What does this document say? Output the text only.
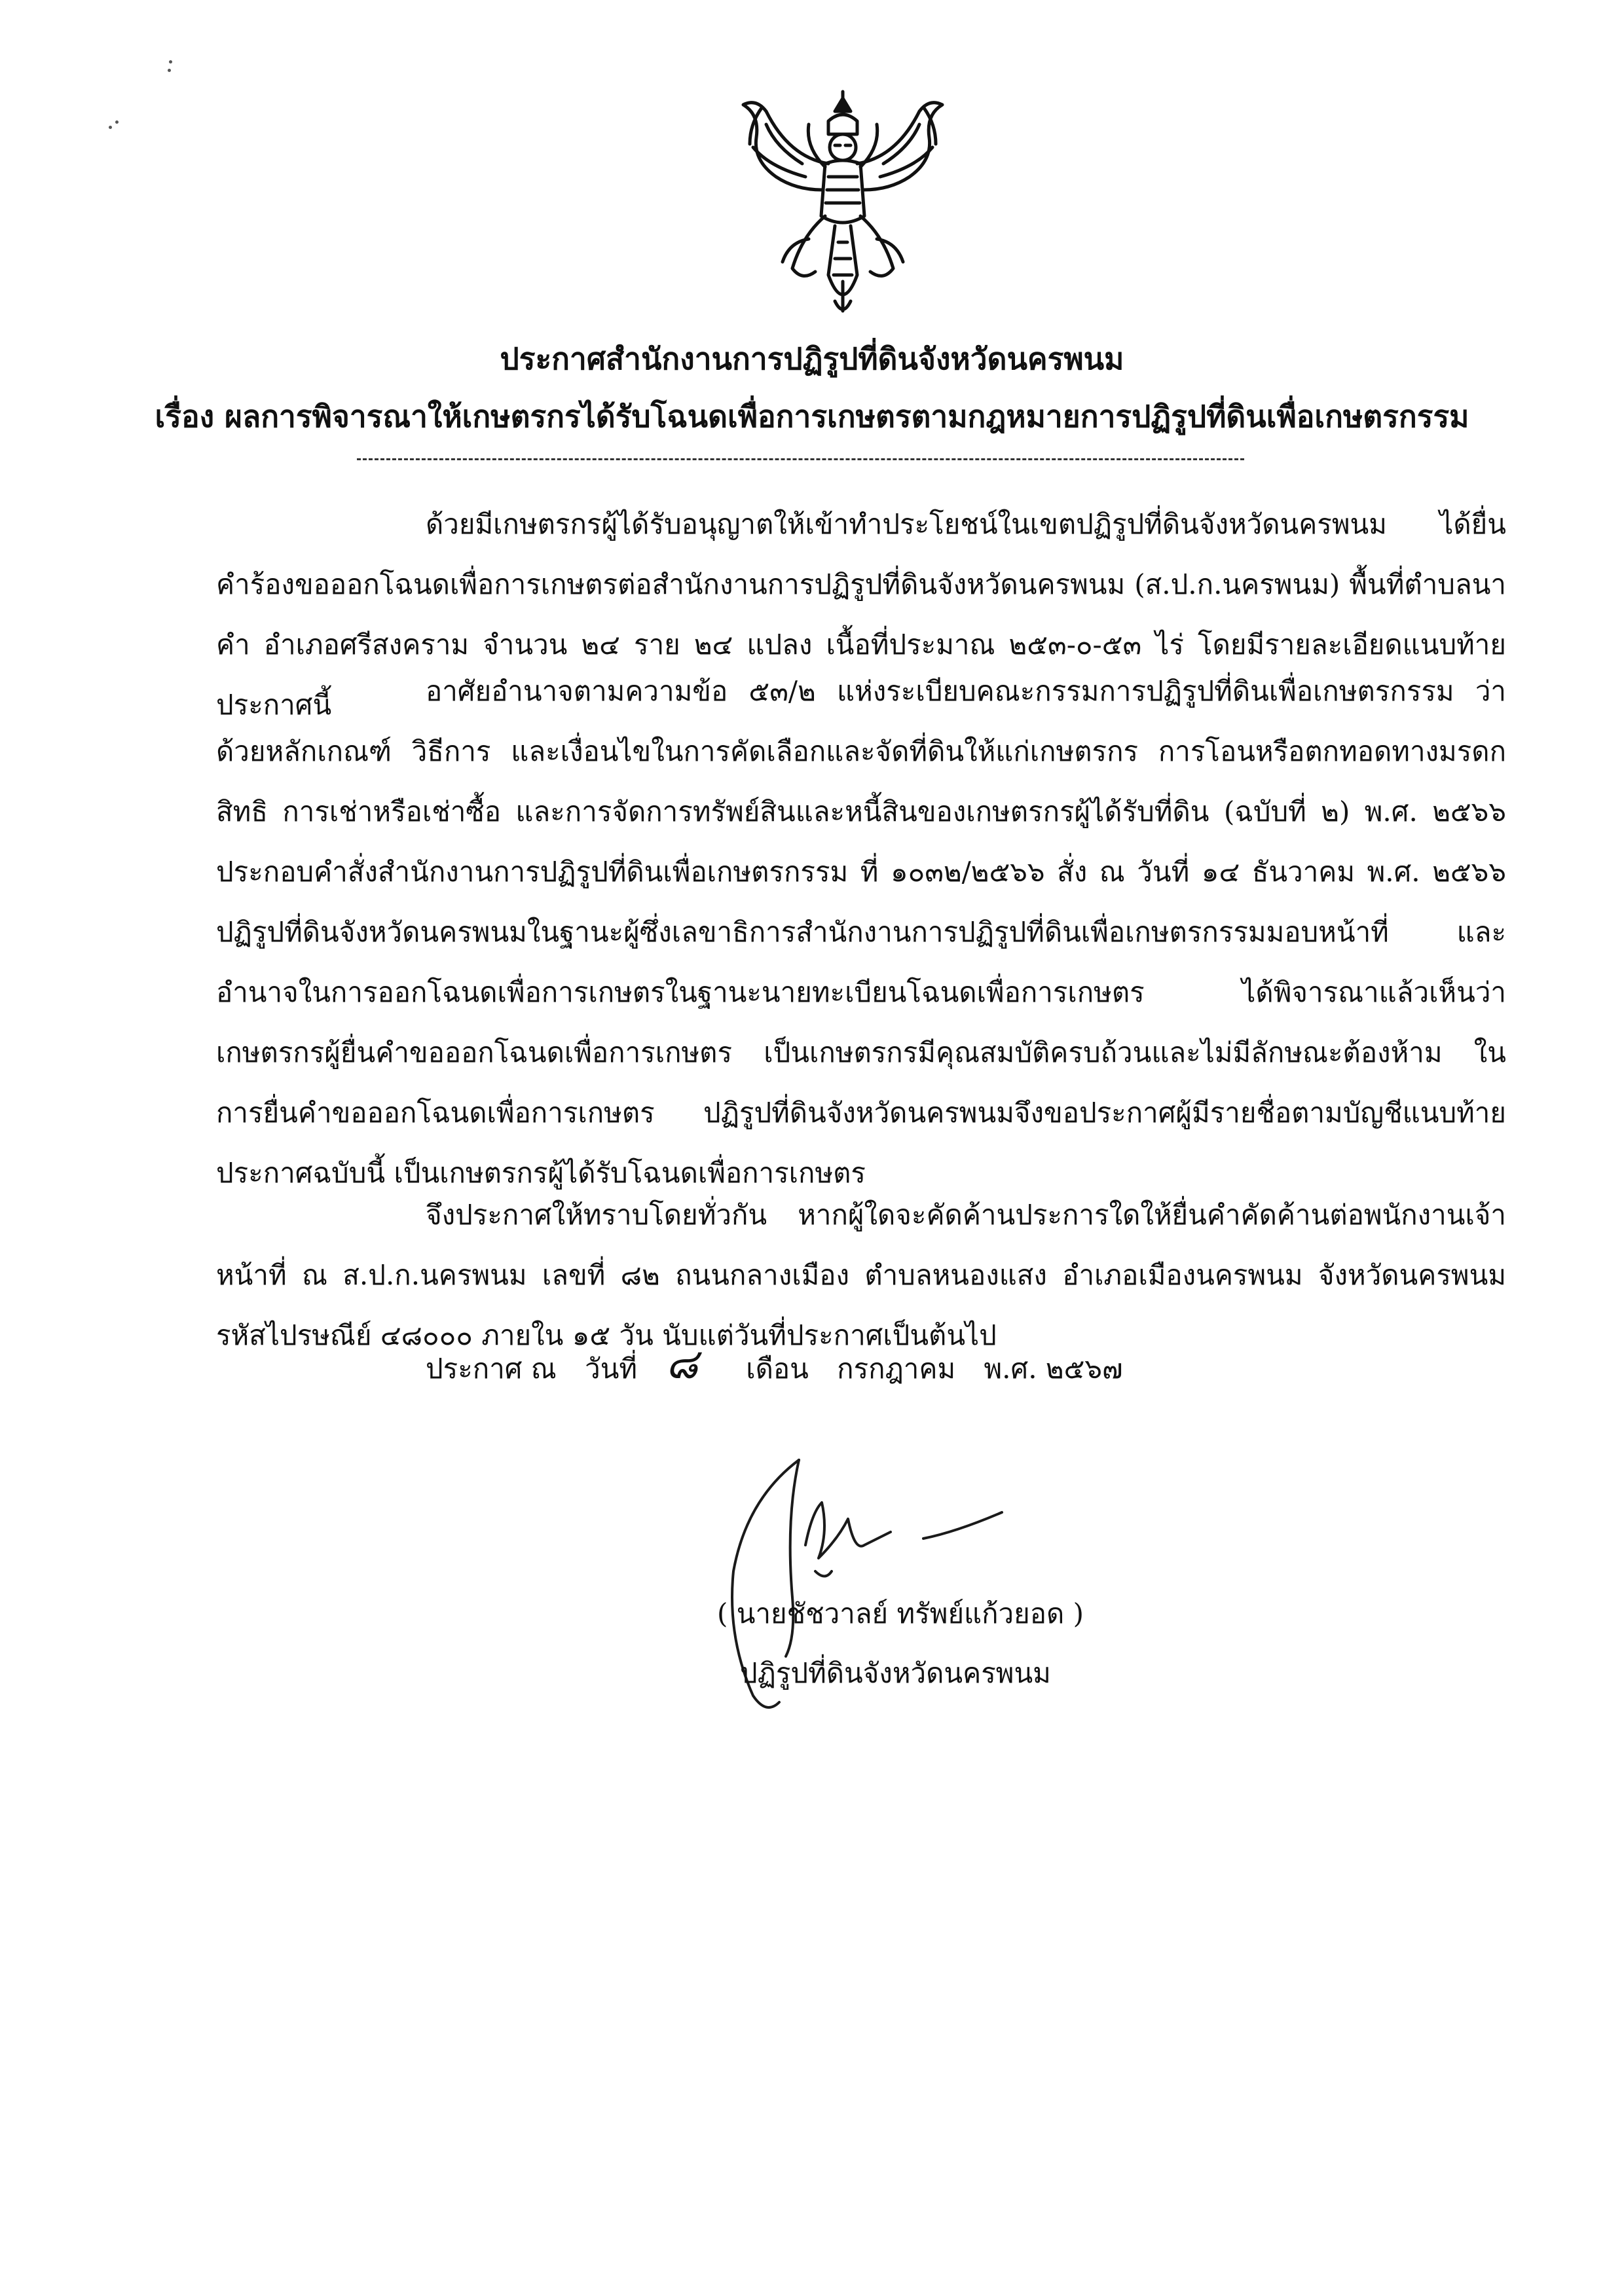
ประกาศสำนักงานการปฏิรูปที่ดินจังหวัดนครพนม
เรื่อง ผลการพิจารณาให้เกษตรกรได้รับโฉนดเพื่อการเกษตรตามกฎหมายการปฏิรูปที่ดินเพื่อเกษตรกรรม
ด้วยมีเกษตรกรผู้ได้รับอนุญาตให้เข้าทำประโยชน์ในเขตปฏิรูปที่ดินจังหวัดนครพนม ได้ยื่นคำร้องขอออกโฉนดเพื่อการเกษตรต่อสำนักงานการปฏิรูปที่ดินจังหวัดนครพนม (ส.ป.ก.นครพนม) พื้นที่ตำบลนาคำ อำเภอศรีสงคราม จำนวน ๒๔ ราย ๒๔ แปลง เนื้อที่ประมาณ ๒๕๓-๐-๕๓ ไร่ โดยมีรายละเอียดแนบท้ายประกาศนี้	อาศัยอำนาจตามความข้อ ๕๓/๒ แห่งระเบียบคณะกรรมการปฏิรูปที่ดินเพื่อเกษตรกรรม ว่าด้วยหลักเกณฑ์ วิธีการ และเงื่อนไขในการคัดเลือกและจัดที่ดินให้แก่เกษตรกร การโอนหรือตกทอดทางมรดกสิทธิ การเช่าหรือเช่าซื้อ และการจัดการทรัพย์สินและหนี้สินของเกษตรกรผู้ได้รับที่ดิน (ฉบับที่ ๒) พ.ศ. ๒๕๖๖ ประกอบคำสั่งสำนักงานการปฏิรูปที่ดินเพื่อเกษตรกรรม ที่ ๑๐๓๒/๒๕๖๖ สั่ง ณ วันที่ ๑๔ ธันวาคม พ.ศ. ๒๕๖๖ ปฏิรูปที่ดินจังหวัดนครพนมในฐานะผู้ซึ่งเลขาธิการสำนักงานการปฏิรูปที่ดินเพื่อเกษตรกรรมมอบหน้าที่ และอำนาจในการออกโฉนดเพื่อการเกษตรในฐานะนายทะเบียนโฉนดเพื่อการเกษตร ได้พิจารณาแล้วเห็นว่า เกษตรกรผู้ยื่นคำขอออกโฉนดเพื่อการเกษตร เป็นเกษตรกรมีคุณสมบัติครบถ้วนและไม่มีลักษณะต้องห้าม ในการยื่นคำขอออกโฉนดเพื่อการเกษตร ปฏิรูปที่ดินจังหวัดนครพนมจึงขอประกาศผู้มีรายชื่อตามบัญชีแนบท้าย ประกาศฉบับนี้ เป็นเกษตรกรผู้ได้รับโฉนดเพื่อการเกษตร
จึงประกาศให้ทราบโดยทั่วกัน หากผู้ใดจะคัดค้านประการใดให้ยื่นคำคัดค้านต่อพนักงานเจ้าหน้าที่ ณ ส.ป.ก.นครพนม เลขที่ ๘๒ ถนนกลางเมือง ตำบลหนองแสง อำเภอเมืองนครพนม จังหวัดนครพนม รหัสไปรษณีย์ ๔๘๐๐๐ ภายใน ๑๕ วัน นับแต่วันที่ประกาศเป็นต้นไป
ประกาศ ณ วันที่ ๘ เดือน กรกฎาคม พ.ศ. ๒๕๖๗
( นายชัชวาลย์ ทรัพย์แก้วยอด )
ปฏิรูปที่ดินจังหวัดนครพนม
